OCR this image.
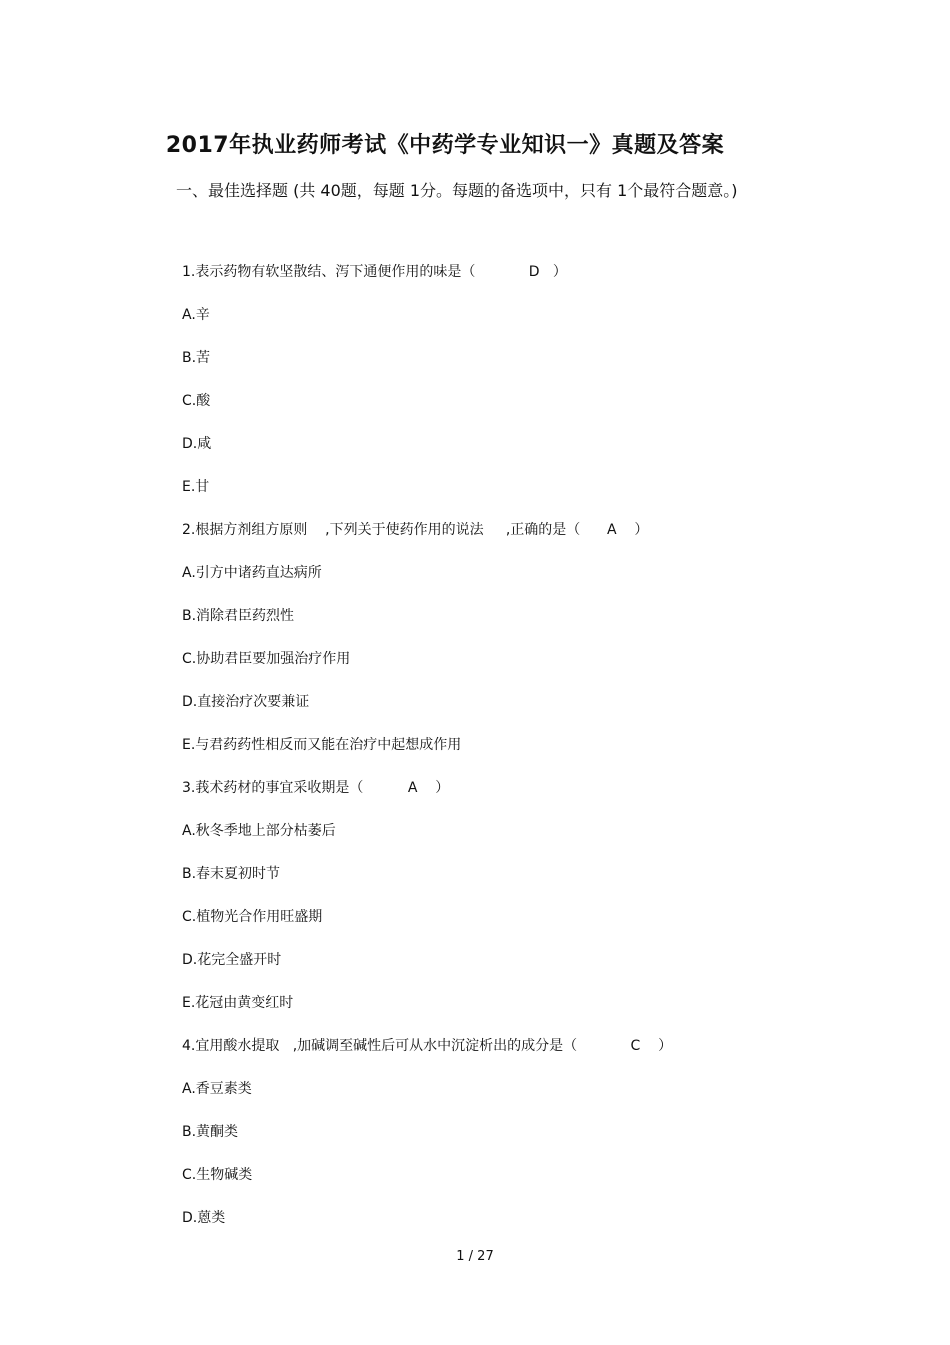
2017年执业药师考试《中药学专业知识一》真题及答案
一、最佳选择题 (共 40题，每题 1分。每题的备选项中，只有 1个最符合题意。)
1.表示药物有软坚散结、泻下通便作用的味是（            D   ）
A.辛
B.苦
C.酸
D.咸
E.甘
2.根据方剂组方原则    ,下列关于使药作用的说法     ,正确的是（      A    ）
A.引方中诸药直达病所
B.消除君臣药烈性
C.协助君臣要加强治疗作用
D.直接治疗次要兼证
E.与君药药性相反而又能在治疗中起想成作用
3.莪术药材的事宜采收期是（          A    ）
A.秋冬季地上部分枯萎后
B.春末夏初时节
C.植物光合作用旺盛期
D.花完全盛开时
E.花冠由黄变红时
4.宜用酸水提取   ,加碱调至碱性后可从水中沉淀析出的成分是（            C    ）
A.香豆素类
B.黄酮类
C.生物碱类
D.蒽类
1 / 27
